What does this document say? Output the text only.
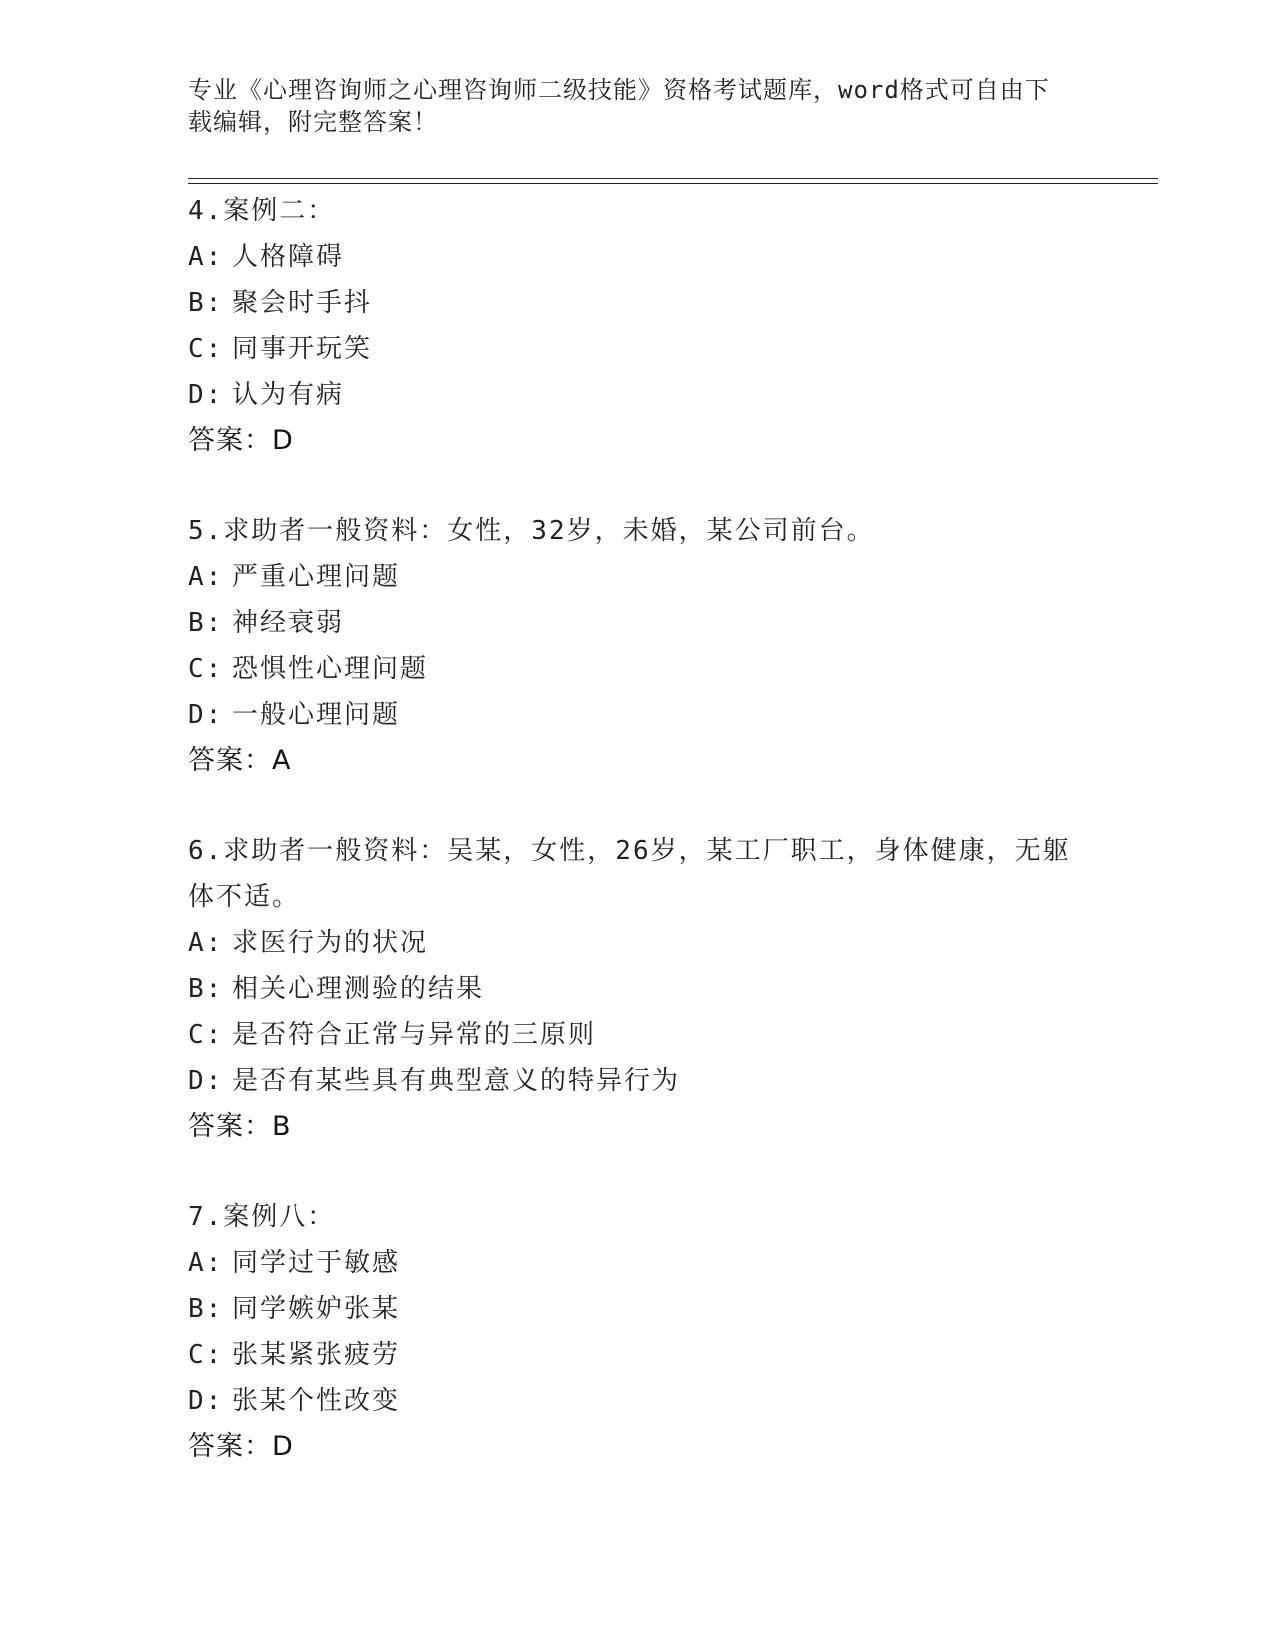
专业《心理咨询师之心理咨询师二级技能》资格考试题库，word格式可自由下载编辑，附完整答案！

4.案例二：

A: 人格障碍

B: 聚会时手抖

C: 同事开玩笑

D: 认为有病

答案：D

5.求助者一般资料：女性，32岁，未婚，某公司前台。

A: 严重心理问题

B: 神经衰弱

C: 恐惧性心理问题

D: 一般心理问题

答案：A

6.求助者一般资料：吴某，女性，26岁，某工厂职工，身体健康，无躯体不适。

A: 求医行为的状况

B: 相关心理测验的结果

C: 是否符合正常与异常的三原则

D: 是否有某些具有典型意义的特异行为

答案：B

7.案例八：

A: 同学过于敏感

B: 同学嫉妒张某

C: 张某紧张疲劳

D: 张某个性改变

答案：D
